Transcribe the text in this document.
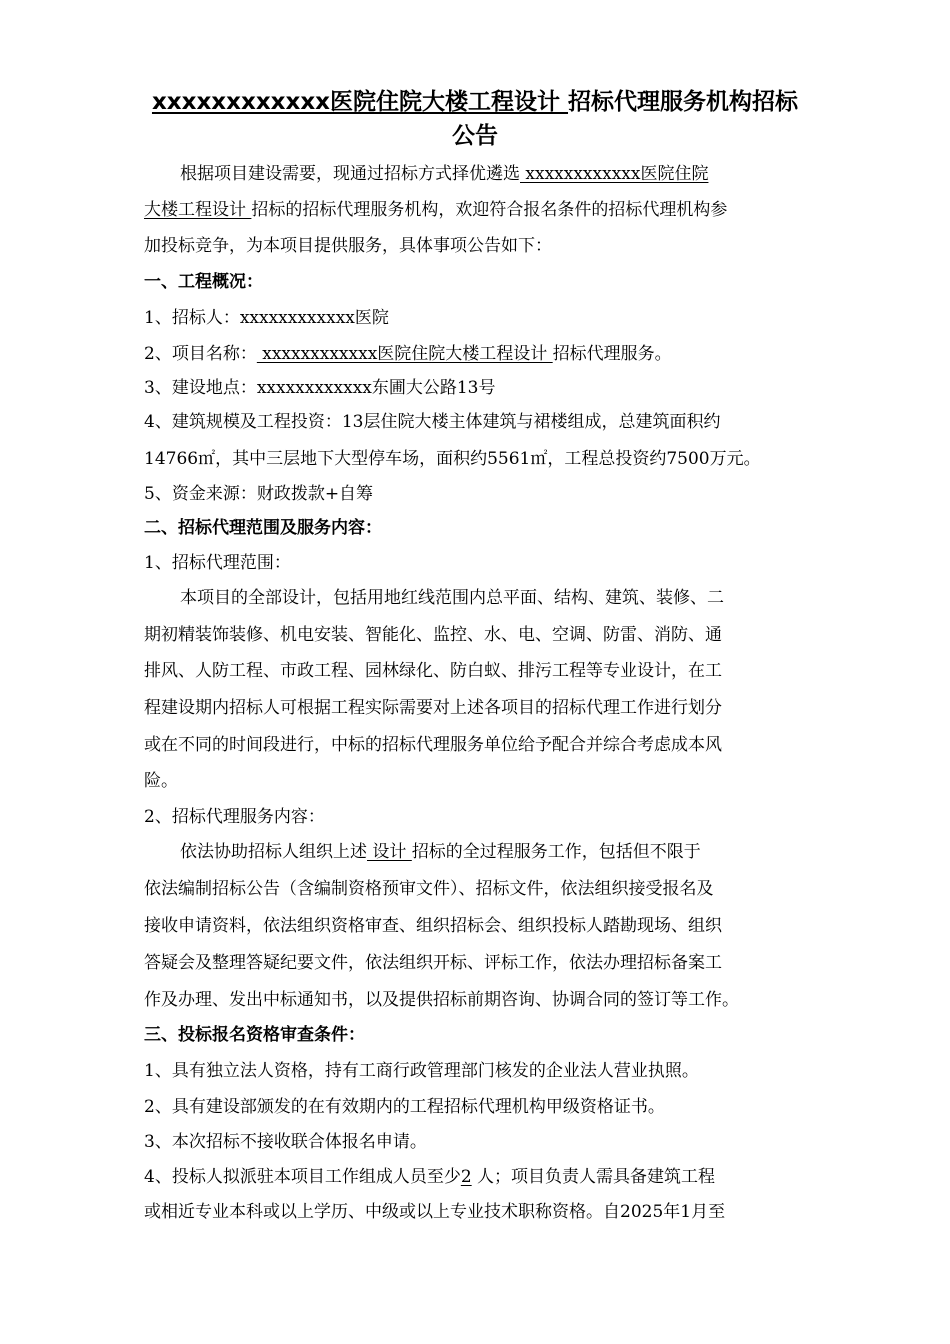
xxxxxxxxxxxx医院住院大楼工程设计 招标代理服务机构招标
公告
根据项目建设需要，现通过招标方式择优遴选 xxxxxxxxxxxx医院住院
大楼工程设计 招标的招标代理服务机构，欢迎符合报名条件的招标代理机构参
加投标竞争，为本项目提供服务，具体事项公告如下：
一、工程概况：
1、招标人：xxxxxxxxxxxx医院
2、项目名称： xxxxxxxxxxxx医院住院大楼工程设计 招标代理服务。
3、建设地点：xxxxxxxxxxxx东圃大公路13号
4、建筑规模及工程投资：13层住院大楼主体建筑与裙楼组成，总建筑面积约
14766㎡，其中三层地下大型停车场，面积约5561㎡，工程总投资约7500万元。
5、资金来源：财政拨款+自筹
二、招标代理范围及服务内容：
1、招标代理范围：
本项目的全部设计，包括用地红线范围内总平面、结构、建筑、装修、二
期初精装饰装修、机电安装、智能化、监控、水、电、空调、防雷、消防、通
排风、人防工程、市政工程、园林绿化、防白蚁、排污工程等专业设计，在工
程建设期内招标人可根据工程实际需要对上述各项目的招标代理工作进行划分
或在不同的时间段进行，中标的招标代理服务单位给予配合并综合考虑成本风
险。
2、招标代理服务内容：
依法协助招标人组织上述 设计 招标的全过程服务工作，包括但不限于
依法编制招标公告（含编制资格预审文件）、招标文件，依法组织接受报名及
接收申请资料，依法组织资格审查、组织招标会、组织投标人踏勘现场、组织
答疑会及整理答疑纪要文件，依法组织开标、评标工作，依法办理招标备案工
作及办理、发出中标通知书，以及提供招标前期咨询、协调合同的签订等工作。
三、投标报名资格审查条件：
1、具有独立法人资格，持有工商行政管理部门核发的企业法人营业执照。
2、具有建设部颁发的在有效期内的工程招标代理机构甲级资格证书。
3、本次招标不接收联合体报名申请。
4、投标人拟派驻本项目工作组成人员至少2 人；项目负责人需具备建筑工程
或相近专业本科或以上学历、中级或以上专业技术职称资格。自2025年1月至
